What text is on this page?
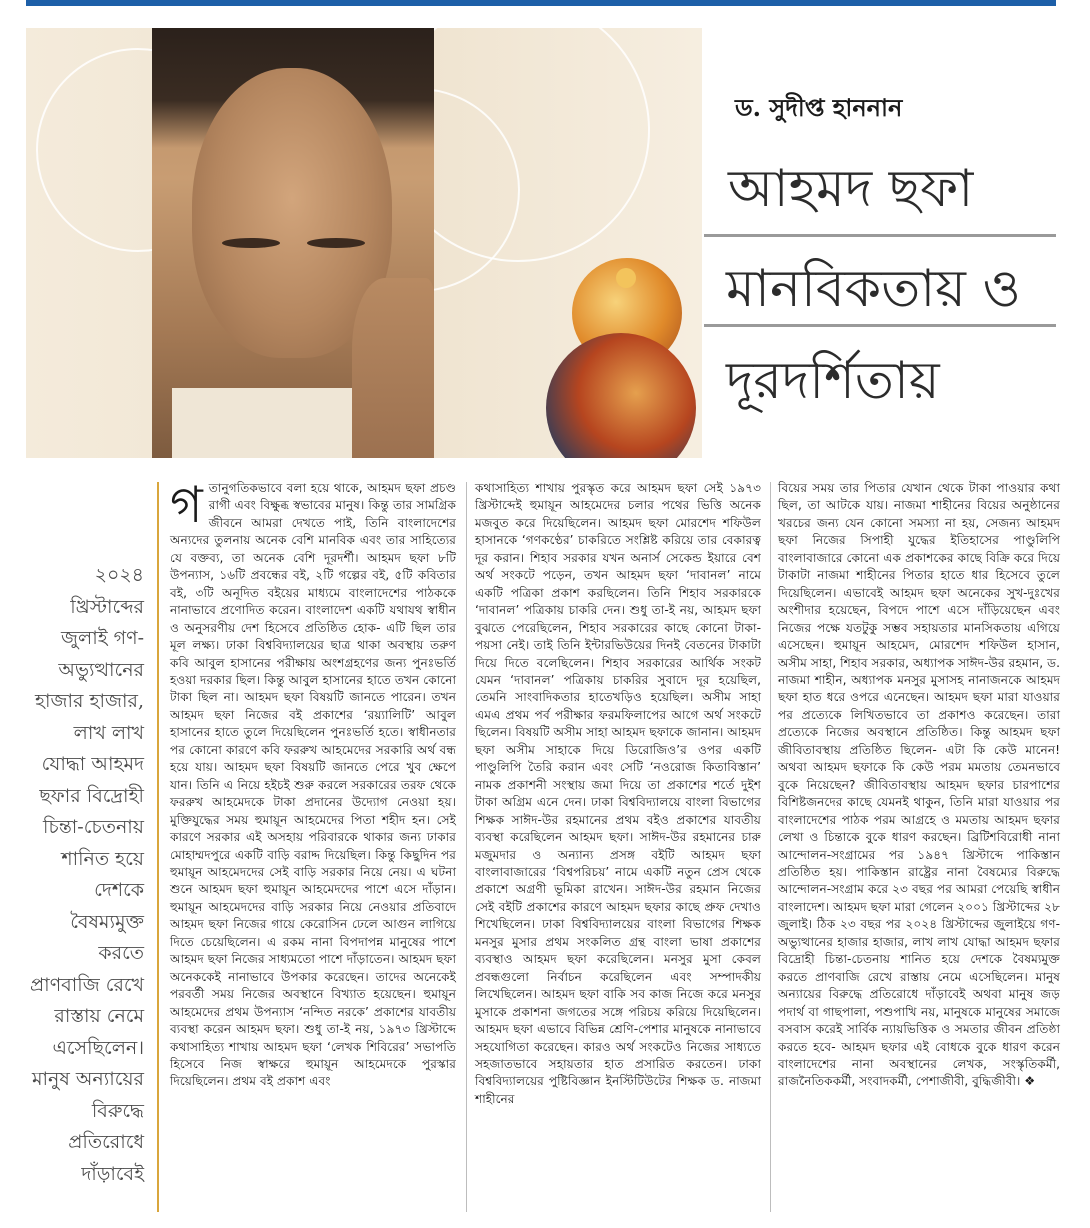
ড. সুদীপ্ত হাননান
আহমদ ছফা
মানবিকতায় ও
দূরদর্শিতায়
২০২৪ খ্রিস্টাব্দের জুলাই গণ-অভ্যুত্থানের হাজার হাজার, লাখ লাখ যোদ্ধা আহমদ ছফার বিদ্রোহী চিন্তা-চেতনায় শানিত হয়ে দেশকে বৈষম্যমুক্ত করতে প্রাণবাজি রেখে রাস্তায় নেমে এসেছিলেন। মানুষ অন্যায়ের বিরুদ্ধে প্রতিরোধে দাঁড়াবেই
গ তানুগতিকভাবে বলা হয়ে থাকে, আহমদ ছফা প্রচণ্ড রাগী এবং বিক্ষুব্ধ স্বভাবের মানুষ। কিন্তু তার সামগ্রিক জীবনে আমরা দেখতে পাই, তিনি বাংলাদেশের অন্যদের তুলনায় অনেক বেশি মানবিক এবং তার সাহিত্যের যে বক্তব্য, তা অনেক বেশি দূরদর্শী। আহমদ ছফা ৮টি উপন্যাস, ১৬টি প্রবন্ধের বই, ২টি গল্পের বই, ৫টি কবিতার বই, ৩টি অনূদিত বইয়ের মাধ্যমে বাংলাদেশের পাঠককে নানাভাবে প্রণোদিত করেন। বাংলাদেশ একটি যথাযথ স্বাধীন ও অনুসরণীয় দেশ হিসেবে প্রতিষ্ঠিত হোক- এটি ছিল তার মূল লক্ষ্য। ঢাকা বিশ্ববিদ্যালয়ের ছাত্র থাকা অবস্থায় তরুণ কবি আবুল হাসানের পরীক্ষায় অংশগ্রহণের জন্য পুনঃভর্তি হওয়া দরকার ছিল। কিন্তু আবুল হাসানের হাতে তখন কোনো টাকা ছিল না। আহমদ ছফা বিষয়টি জানতে পারেন। তখন আহমদ ছফা নিজের বই প্রকাশের ‘রয়্যালিটি’ আবুল হাসানের হাতে তুলে দিয়েছিলেন পুনঃভর্তি হতে। স্বাধীনতার পর কোনো কারণে কবি ফররুখ আহমেদের সরকারি অর্থ বন্ধ হয়ে যায়। আহমদ ছফা বিষয়টি জানতে পেরে খুব ক্ষেপে যান। তিনি এ নিয়ে হইচই শুরু করলে সরকারের তরফ থেকে ফররুখ আহমেদকে টাকা প্রদানের উদ্যোগ নেওয়া হয়। মুক্তিযুদ্ধের সময় হুমায়ূন আহমেদের পিতা শহীদ হন। সেই কারণে সরকার এই অসহায় পরিবারকে থাকার জন্য ঢাকার মোহাম্মদপুরে একটি বাড়ি বরাদ্দ দিয়েছিল। কিন্তু কিছুদিন পর হুমায়ূন আহমেদদের সেই বাড়ি সরকার নিয়ে নেয়। এ ঘটনা শুনে আহমদ ছফা হুমায়ূন আহমেদদের পাশে এসে দাঁড়ান। হুমায়ূন আহমেদদের বাড়ি সরকার নিয়ে নেওয়ার প্রতিবাদে আহমদ ছফা নিজের গায়ে কেরোসিন ঢেলে আগুন লাগিয়ে দিতে চেয়েছিলেন। এ রকম নানা বিপদাপন্ন মানুষের পাশে আহমদ ছফা নিজের সাধ্যমতো পাশে দাঁড়াতেন। আহমদ ছফা অনেককেই নানাভাবে উপকার করেছেন। তাদের অনেকেই পরবর্তী সময় নিজের অবস্থানে বিখ্যাত হয়েছেন। হুমায়ূন আহমেদের প্রথম উপন্যাস ‘নন্দিত নরকে’ প্রকাশের যাবতীয় ব্যবস্থা করেন আহমদ ছফা। শুধু তা-ই নয়, ১৯৭৩ খ্রিস্টাব্দে কথাসাহিত্য শাখায় আহমদ ছফা ‘লেখক শিবিরের’ সভাপতি হিসেবে নিজ স্বাক্ষরে হুমায়ূন আহমেদকে পুরস্কার দিয়েছিলেন। প্রথম বই প্রকাশ এবং

কথাসাহিত্য শাখায় পুরস্কৃত করে আহমদ ছফা সেই ১৯৭৩ খ্রিস্টাব্দেই হুমায়ূন আহমেদের চলার পথের ভিত্তি অনেক মজবুত করে দিয়েছিলেন। আহমদ ছফা মোরশেদ শফিউল হাসানকে ‘গণকণ্ঠের’ চাকরিতে সংশ্লিষ্ট করিয়ে তার বেকারত্ব দূর করান। শিহাব সরকার যখন অনার্স সেকেন্ড ইয়ারে বেশ অর্থ সংকটে পড়েন, তখন আহমদ ছফা ‘দাবানল’ নামে একটি পত্রিকা প্রকাশ করছিলেন। তিনি শিহাব সরকারকে ‘দাবানল’ পত্রিকায় চাকরি দেন। শুধু তা-ই নয়, আহমদ ছফা বুঝতে পেরেছিলেন, শিহাব সরকারের কাছে কোনো টাকা-পয়সা নেই। তাই তিনি ইন্টারভিউয়ের দিনই বেতনের টাকাটা দিয়ে দিতে বলেছিলেন। শিহাব সরকারের আর্থিক সংকট যেমন ‘দাবানল’ পত্রিকায় চাকরির সুবাদে দূর হয়েছিল, তেমনি সাংবাদিকতার হাতেখড়িও হয়েছিল। অসীম সাহা এমএ প্রথম পর্ব পরীক্ষার ফরমফিলাপের আগে অর্থ সংকটে ছিলেন। বিষয়টি অসীম সাহা আহমদ ছফাকে জানান। আহমদ ছফা অসীম সাহাকে দিয়ে ডিরোজিও’র ওপর একটি পাণ্ডুলিপি তৈরি করান এবং সেটি ‘নওরোজ কিতাবিস্তান’ নামক প্রকাশনী সংস্থায় জমা দিয়ে তা প্রকাশের শর্তে দুইশ টাকা অগ্রিম এনে দেন। ঢাকা বিশ্ববিদ্যালয়ে বাংলা বিভাগের শিক্ষক সাঈদ-উর রহমানের প্রথম বইও প্রকাশের যাবতীয় ব্যবস্থা করেছিলেন আহমদ ছফা। সাঈদ-উর রহমানের চারু মজুমদার ও অন্যান্য প্রসঙ্গ বইটি আহমদ ছফা বাংলাবাজারের ‘বিশ্বপরিচয়’ নামে একটি নতুন প্রেস থেকে প্রকাশে অগ্রণী ভূমিকা রাখেন। সাঈদ-উর রহমান নিজের সেই বইটি প্রকাশের কারণে আহমদ ছফার কাছে প্রুফ দেখাও শিখেছিলেন। ঢাকা বিশ্ববিদ্যালয়ের বাংলা বিভাগের শিক্ষক মনসুর মুসার প্রথম সংকলিত গ্রন্থ বাংলা ভাষা প্রকাশের ব্যবস্থাও আহমদ ছফা করেছিলেন। মনসুর মুসা কেবল প্রবন্ধগুলো নির্বাচন করেছিলেন এবং সম্পাদকীয় লিখেছিলেন। আহমদ ছফা বাকি সব কাজ নিজে করে মনসুর মুসাকে প্রকাশনা জগতের সঙ্গে পরিচয় করিয়ে দিয়েছিলেন। আহমদ ছফা এভাবে বিভিন্ন শ্রেণি-পেশার মানুষকে নানাভাবে সহযোগিতা করেছেন। কারও অর্থ সংকটেও নিজের সাধ্যতে সহজাতভাবে সহায়তার হাত প্রসারিত করতেন। ঢাকা বিশ্ববিদ্যালয়ের পুষ্টিবিজ্ঞান ইনস্টিটিউটের শিক্ষক ড. নাজমা শাহীনের

বিয়ের সময় তার পিতার যেখান থেকে টাকা পাওয়ার কথা ছিল, তা আটকে যায়। নাজমা শাহীনের বিয়ের অনুষ্ঠানের খরচের জন্য যেন কোনো সমস্যা না হয়, সেজন্য আহমদ ছফা নিজের সিপাহী যুদ্ধের ইতিহাসের পাণ্ডুলিপি বাংলাবাজারে কোনো এক প্রকাশকের কাছে বিক্রি করে দিয়ে টাকাটা নাজমা শাহীনের পিতার হাতে ধার হিসেবে তুলে দিয়েছিলেন। এভাবেই আহমদ ছফা অনেকের সুখ-দুঃখের অংশীদার হয়েছেন, বিপদে পাশে এসে দাঁড়িয়েছেন এবং নিজের পক্ষে যতটুকু সম্ভব সহায়তার মানসিকতায় এগিয়ে এসেছেন। হুমায়ূন আহমেদ, মোরশেদ শফিউল হাসান, অসীম সাহা, শিহাব সরকার, অধ্যাপক সাঈদ-উর রহমান, ড. নাজমা শাহীন, অধ্যাপক মনসুর মুসাসহ নানাজনকে আহমদ ছফা হাত ধরে ওপরে এনেছেন। আহমদ ছফা মারা যাওয়ার পর প্রত্যেকে লিখিতভাবে তা প্রকাশও করেছেন। তারা প্রত্যেকে নিজের অবস্থানে প্রতিষ্ঠিত। কিন্তু আহমদ ছফা জীবিতাবস্থায় প্রতিষ্ঠিত ছিলেন- এটা কি কেউ মানেন! অথবা আহমদ ছফাকে কি কেউ পরম মমতায় তেমনভাবে বুকে নিয়েছেন? জীবিতাবস্থায় আহমদ ছফার চারপাশের বিশিষ্টজনদের কাছে যেমনই থাকুন, তিনি মারা যাওয়ার পর বাংলাদেশের পাঠক পরম আগ্রহে ও মমতায় আহমদ ছফার লেখা ও চিন্তাকে বুকে ধারণ করছেন। ব্রিটিশবিরোধী নানা আন্দোলন-সংগ্রামের পর ১৯৪৭ খ্রিস্টাব্দে পাকিস্তান প্রতিষ্ঠিত হয়। পাকিস্তান রাষ্ট্রের নানা বৈষম্যের বিরুদ্ধে আন্দোলন-সংগ্রাম করে ২৩ বছর পর আমরা পেয়েছি স্বাধীন বাংলাদেশ। আহমদ ছফা মারা গেলেন ২০০১ খ্রিস্টাব্দের ২৮ জুলাই। ঠিক ২৩ বছর পর ২০২৪ খ্রিস্টাব্দের জুলাইয়ে গণ-অভ্যুত্থানের হাজার হাজার, লাখ লাখ যোদ্ধা আহমদ ছফার বিদ্রোহী চিন্তা-চেতনায় শানিত হয়ে দেশকে বৈষম্যমুক্ত করতে প্রাণবাজি রেখে রাস্তায় নেমে এসেছিলেন। মানুষ অন্যায়ের বিরুদ্ধে প্রতিরোধে দাঁড়াবেই অথবা মানুষ জড় পদার্থ বা গাছপালা, পশুপাখি নয়, মানুষকে মানুষের সমাজে বসবাস করেই সার্বিক ন্যায়ভিত্তিক ও সমতার জীবন প্রতিষ্ঠা করতে হবে- আহমদ ছফার এই বোধকে বুকে ধারণ করেন বাংলাদেশের নানা অবস্থানের লেখক, সংস্কৃতিকর্মী, রাজনৈতিককর্মী, সংবাদকর্মী, পেশাজীবী, বুদ্ধিজীবী। ❖
